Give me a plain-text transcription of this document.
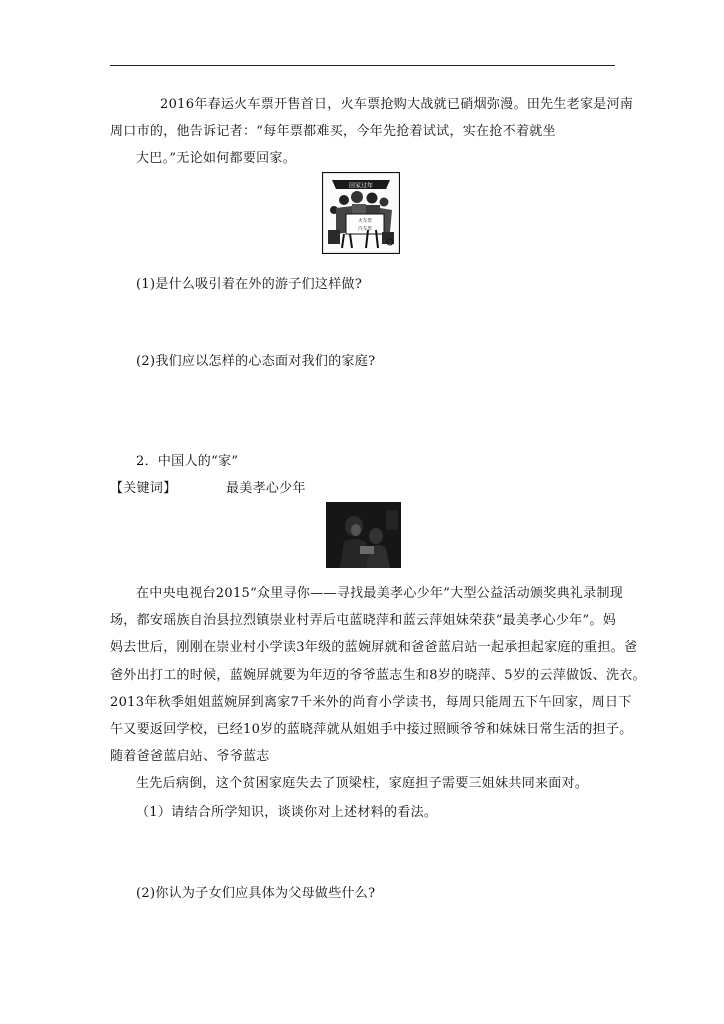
2016年春运火车票开售首日，火车票抢购大战就已硝烟弥漫。田先生老家是河南
周口市的，他告诉记者：“每年票都难买，今年先抢着试试，实在抢不着就坐
大巴。”无论如何都要回家。
回家过年
火车票
汽车票
(1)是什么吸引着在外的游子们这样做?
(2)我们应以怎样的心态面对我们的家庭?
2．中国人的“家”
【关键词】	最美孝心少年
在中央电视台2015“众里寻你——寻找最美孝心少年”大型公益活动颁奖典礼录制现
场，都安瑶族自治县拉烈镇崇业村弄后屯蓝晓萍和蓝云萍姐妹荣获“最美孝心少年”。妈
妈去世后，刚刚在崇业村小学读3年级的蓝婉屏就和爸爸蓝启站一起承担起家庭的重担。爸
爸外出打工的时候，蓝婉屏就要为年迈的爷爷蓝志生和8岁的晓萍、5岁的云萍做饭、洗衣。
2013年秋季姐姐蓝婉屏到离家7千米外的尚育小学读书，每周只能周五下午回家，周日下
午又要返回学校，已经10岁的蓝晓萍就从姐姐手中接过照顾爷爷和妹妹日常生活的担子。
随着爸爸蓝启站、爷爷蓝志
生先后病倒，这个贫困家庭失去了顶梁柱，家庭担子需要三姐妹共同来面对。
（1）请结合所学知识，谈谈你对上述材料的看法。
(2)你认为子女们应具体为父母做些什么?
